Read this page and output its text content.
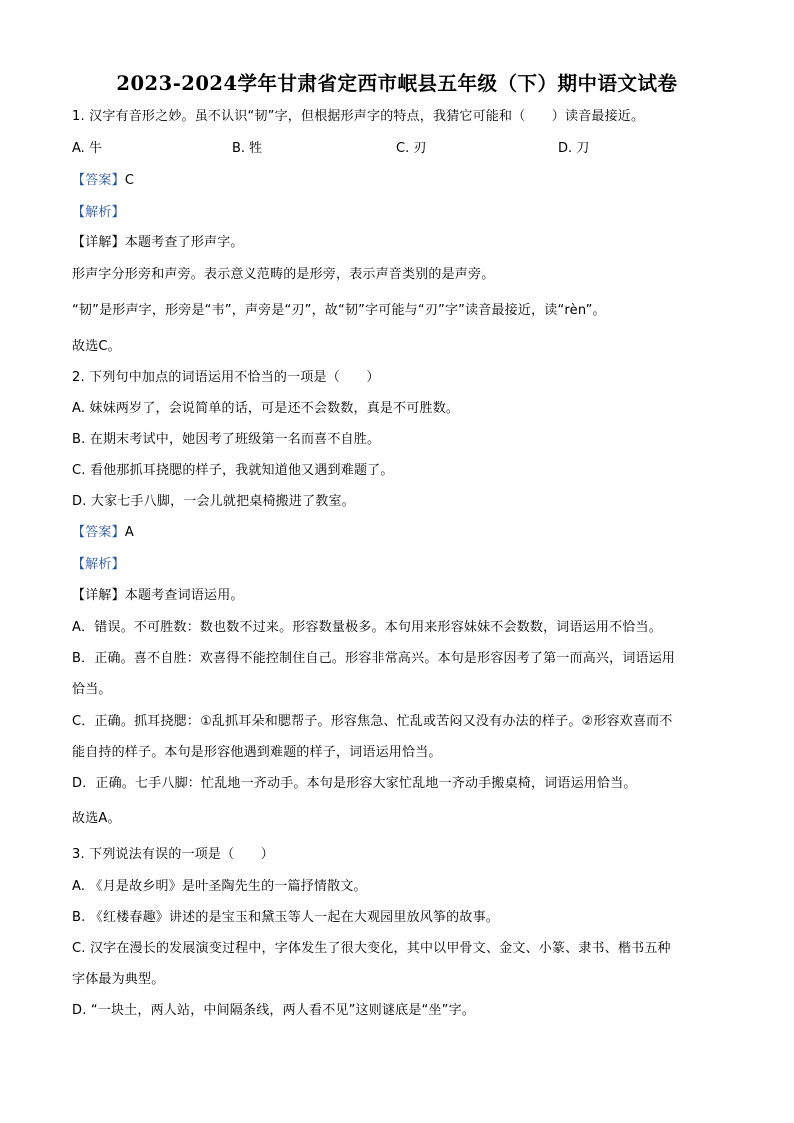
2023-2024学年甘肃省定西市岷县五年级（下）期中语文试卷
1. 汉字有音形之妙。虽不认识“韧”字，但根据形声字的特点，我猜它可能和（　　）读音最接近。
A. 牛	B. 牲	C. 刃	D. 刀
【答案】C
【解析】
【详解】本题考查了形声字。
形声字分形旁和声旁。表示意义范畴的是形旁，表示声音类别的是声旁。
“韧”是形声字，形旁是“韦”，声旁是“刃”，故“韧”字可能与“刃”字”读音最接近，读“rèn”。
故选C。
2. 下列句中加点的词语运用不恰当的一项是（　　）
A. 妹妹两岁了，会说简单的话，可是还不会数数，真是不可胜数。
B. 在期末考试中，她因考了班级第一名而喜不自胜。
C. 看他那抓耳挠腮的样子，我就知道他又遇到难题了。
D. 大家七手八脚，一会儿就把桌椅搬进了教室。
【答案】A
【解析】
【详解】本题考查词语运用。
A．错误。不可胜数：数也数不过来。形容数量极多。本句用来形容妹妹不会数数，词语运用不恰当。
B．正确。喜不自胜：欢喜得不能控制住自己。形容非常高兴。本句是形容因考了第一而高兴，词语运用
恰当。
C．正确。抓耳挠腮：①乱抓耳朵和腮帮子。形容焦急、忙乱或苦闷又没有办法的样子。②形容欢喜而不
能自持的样子。本句是形容他遇到难题的样子，词语运用恰当。
D．正确。七手八脚：忙乱地一齐动手。本句是形容大家忙乱地一齐动手搬桌椅，词语运用恰当。
故选A。
3. 下列说法有误的一项是（　　）
A. 《月是故乡明》是叶圣陶先生的一篇抒情散文。
B. 《红楼春趣》讲述的是宝玉和黛玉等人一起在大观园里放风筝的故事。
C. 汉字在漫长的发展演变过程中，字体发生了很大变化，其中以甲骨文、金文、小篆、隶书、楷书五种
字体最为典型。
D. “一块土，两人站，中间隔条线，两人看不见”这则谜底是“坐”字。
